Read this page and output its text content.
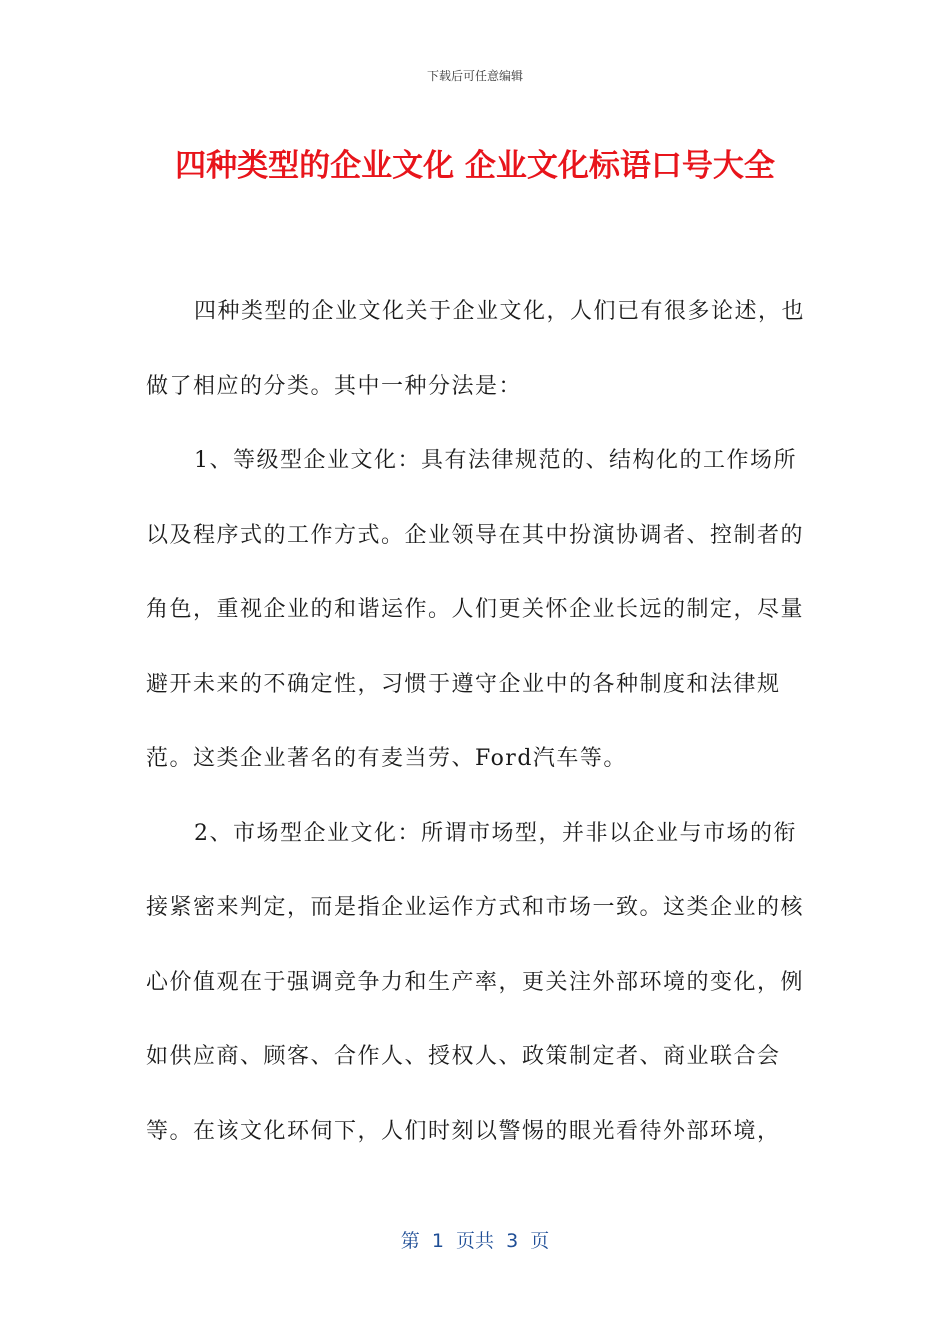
下载后可任意编辑
四种类型的企业文化 企业文化标语口号大全

四种类型的企业文化关于企业文化，人们已有很多论述，也做了相应的分类。其中一种分法是：

1、等级型企业文化：具有法律规范的、结构化的工作场所以及程序式的工作方式。企业领导在其中扮演协调者、控制者的角色，重视企业的和谐运作。人们更关怀企业长远的制定，尽量避开未来的不确定性，习惯于遵守企业中的各种制度和法律规范。这类企业著名的有麦当劳、Ford汽车等。

2、市场型企业文化：所谓市场型，并非以企业与市场的衔接紧密来判定，而是指企业运作方式和市场一致。这类企业的核心价值观在于强调竞争力和生产率，更关注外部环境的变化，例如供应商、顾客、合作人、授权人、政策制定者、商业联合会等。在该文化环伺下，人们时刻以警惕的眼光看待外部环境，

第  1  页共  3  页
